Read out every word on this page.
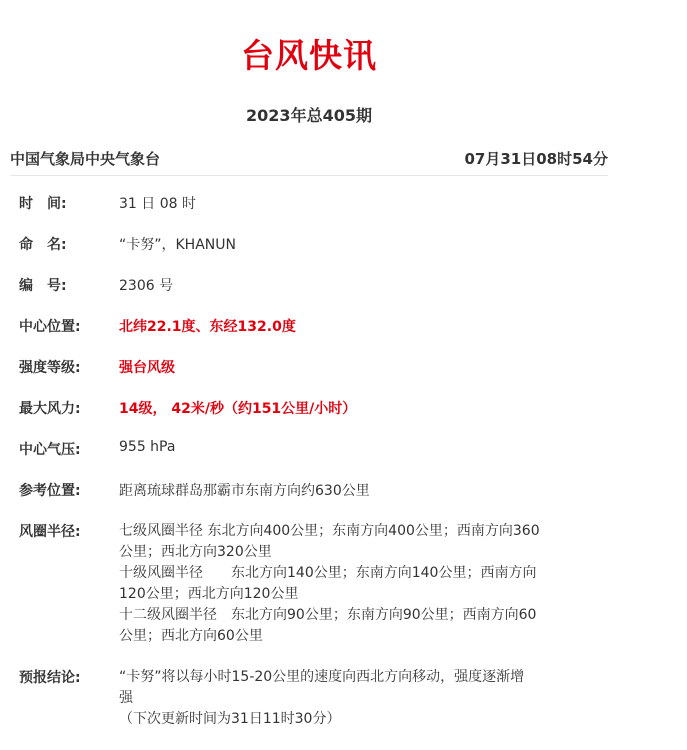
台风快讯
2023年总405期
中国气象局中央气象台	07月31日08时54分
时　间:	31 日 08 时
命　名:	“卡努”，KHANUN
编　号:	2306 号
中心位置:	北纬22.1度、东经132.0度
强度等级:	强台风级
最大风力:	14级， 42米/秒（约151公里/小时）
中心气压:	955 hPa
参考位置:	距离琉球群岛那霸市东南方向约630公里
风圈半径:	七级风圈半径 东北方向400公里；东南方向400公里；西南方向360
公里；西北方向320公里
十级风圈半径　　东北方向140公里；东南方向140公里；西南方向
120公里；西北方向120公里
十二级风圈半径　东北方向90公里；东南方向90公里；西南方向60
公里；西北方向60公里
预报结论:	“卡努”将以每小时15-20公里的速度向西北方向移动，强度逐渐增
强
（下次更新时间为31日11时30分）
